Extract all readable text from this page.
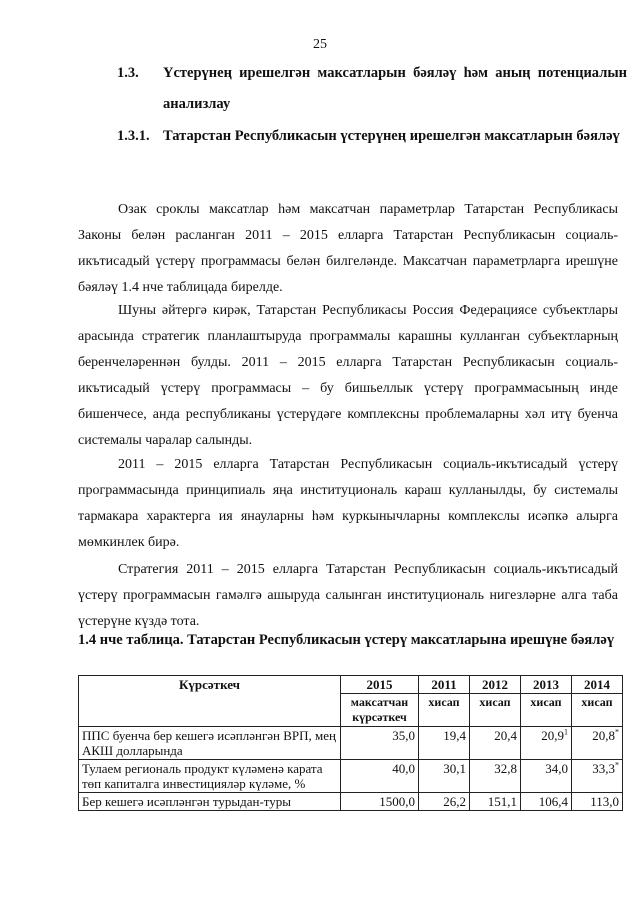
25
1.3. Үстерүнең ирешелгән максатларын бәяләү һәм аның потенциалын анализлау
1.3.1. Татарстан Республикасын үстерүнең ирешелгән максатларын бәяләү

Озак сроклы максатлар һәм максатчан параметрлар Татарстан Республикасы Законы белән расланган 2011 – 2015 елларга Татарстан Республикасын социаль-икътисадый үстерү программасы белән билгеләнде. Максатчан параметрларга ирешүне бәяләү 1.4 нче таблицада бирелде.

Шуны әйтергә кирәк, Татарстан Республикасы Россия Федерациясе субъектлары арасында стратегик планлаштыруда программалы карашны кулланган субъектларның беренчеләреннән булды. 2011 – 2015 елларга Татарстан Республикасын социаль-икътисадый үстерү программасы – бу бишьеллык үстерү программасының инде бишенчесе, анда республиканы үстерүдәге комплексны проблемаларны хәл итү буенча системалы чаралар салынды.

2011 – 2015 елларга Татарстан Республикасын социаль-икътисадый үстерү программасында принципиаль яңа институциональ караш кулланылды, бу системалы тармакара характерга ия янауларны һәм куркынычларны комплекслы исәпкә алырга мөмкинлек бирә.

Стратегия 2011 – 2015 елларга Татарстан Республикасын социаль-икътисадый үстерү программасын гамәлгә ашыруда салынган институциональ нигезләрне алга таба үстерүне күздә тота.

1.4 нче таблица. Татарстан Республикасын үстерү максатларына ирешүне бәяләү
Күрсәткеч	2015	2011	2012	2013	2014
	максатчан күрсәткеч	хисап	хисап	хисап	хисап
ППС буенча бер кешегә исәпләнгән ВРП, мең АКШ долларында	35,0	19,4	20,4	20,9$^1$	20,8*
Тулаем региональ продукт күләменә карата төп капиталга инвестицияләр күләме, %	40,0	30,1	32,8	34,0	33,3*
Бер кешегә исәпләнгән турыдан-туры	1500,0	26,2	151,1	106,4	113,0
